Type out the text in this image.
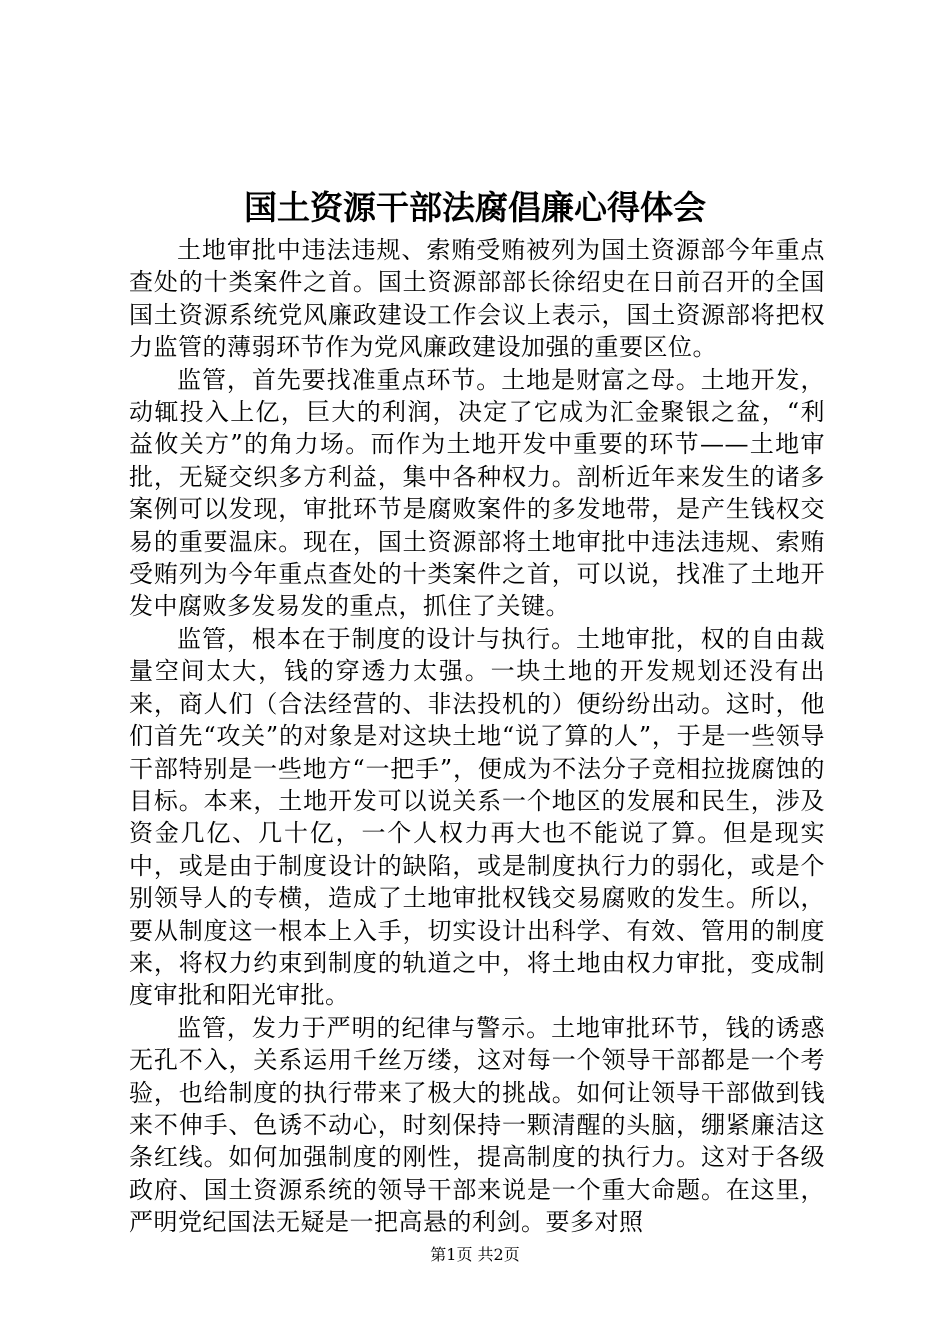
国土资源干部法腐倡廉心得体会

土地审批中违法违规、索贿受贿被列为国土资源部今年重点查处的十类案件之首。国土资源部部长徐绍史在日前召开的全国国土资源系统党风廉政建设工作会议上表示，国土资源部将把权力监管的薄弱环节作为党风廉政建设加强的重要区位。

监管，首先要找准重点环节。土地是财富之母。土地开发，动辄投入上亿，巨大的利润，决定了它成为汇金聚银之盆，“利益攸关方”的角力场。而作为土地开发中重要的环节——土地审批，无疑交织多方利益，集中各种权力。剖析近年来发生的诸多案例可以发现，审批环节是腐败案件的多发地带，是产生钱权交易的重要温床。现在，国土资源部将土地审批中违法违规、索贿受贿列为今年重点查处的十类案件之首，可以说，找准了土地开发中腐败多发易发的重点，抓住了关键。

监管，根本在于制度的设计与执行。土地审批，权的自由裁量空间太大，钱的穿透力太强。一块土地的开发规划还没有出来，商人们（合法经营的、非法投机的）便纷纷出动。这时，他们首先“攻关”的对象是对这块土地“说了算的人”，于是一些领导干部特别是一些地方“一把手”，便成为不法分子竞相拉拢腐蚀的目标。本来，土地开发可以说关系一个地区的发展和民生，涉及资金几亿、几十亿，一个人权力再大也不能说了算。但是现实中，或是由于制度设计的缺陷，或是制度执行力的弱化，或是个别领导人的专横，造成了土地审批权钱交易腐败的发生。所以，要从制度这一根本上入手，切实设计出科学、有效、管用的制度来，将权力约束到制度的轨道之中，将土地由权力审批，变成制度审批和阳光审批。

监管，发力于严明的纪律与警示。土地审批环节，钱的诱惑无孔不入，关系运用千丝万缕，这对每一个领导干部都是一个考验，也给制度的执行带来了极大的挑战。如何让领导干部做到钱来不伸手、色诱不动心，时刻保持一颗清醒的头脑，绷紧廉洁这条红线。如何加强制度的刚性，提高制度的执行力。这对于各级政府、国土资源系统的领导干部来说是一个重大命题。在这里，严明党纪国法无疑是一把高悬的利剑。要多对照

第1页 共2页
